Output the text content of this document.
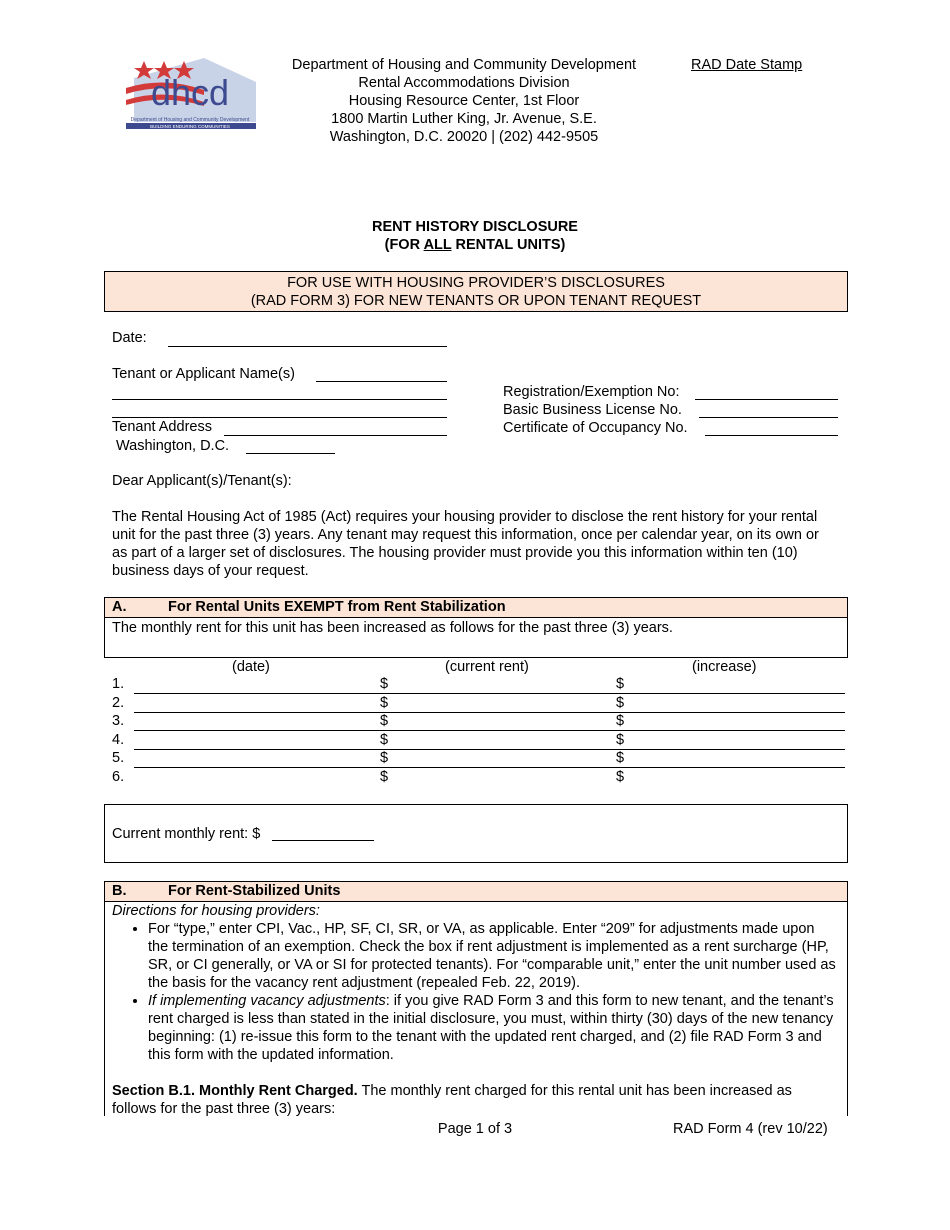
dhcd
Department of Housing and Community Development
BUILDING ENDURING COMMUNITIES
Department of Housing and Community Development
Rental Accommodations Division
Housing Resource Center, 1st Floor
1800 Martin Luther King, Jr. Avenue, S.E.
Washington, D.C. 20020 | (202) 442-9505
RAD Date Stamp
RENT HISTORY DISCLOSURE
(FOR ALL RENTAL UNITS)
FOR USE WITH HOUSING PROVIDER’S DISCLOSURES
(RAD FORM 3) FOR NEW TENANTS OR UPON TENANT REQUEST
Date:
Tenant or Applicant Name(s)
Tenant Address
Washington, D.C.
Registration/Exemption No:
Basic Business License No.
Certificate of Occupancy No.
Dear Applicant(s)/Tenant(s):
The Rental Housing Act of 1985 (Act) requires your housing provider to disclose the rent history for your rental unit for the past three (3) years. Any tenant may request this information, once per calendar year, on its own or as part of a larger set of disclosures. The housing provider must provide you this information within ten (10) business days of your request.
A.	For Rental Units EXEMPT from Rent Stabilization
The monthly rent for this unit has been increased as follows for the past three (3) years.
(date)	(current rent)	(increase)
1.	$	$
2.	$	$
3.	$	$
4.	$	$
5.	$	$
6.	$	$
Current monthly rent: $
B.	For Rent-Stabilized Units
Directions for housing providers:
• For “type,” enter CPI, Vac., HP, SF, CI, SR, or VA, as applicable. Enter “209” for adjustments made upon the termination of an exemption. Check the box if rent adjustment is implemented as a rent surcharge (HP, SR, or CI generally, or VA or SI for protected tenants). For “comparable unit,” enter the unit number used as the basis for the vacancy rent adjustment (repealed Feb. 22, 2019).
• If implementing vacancy adjustments: if you give RAD Form 3 and this form to new tenant, and the tenant’s rent charged is less than stated in the initial disclosure, you must, within thirty (30) days of the new tenancy beginning: (1) re-issue this form to the tenant with the updated rent charged, and (2) file RAD Form 3 and this form with the updated information.
Section B.1. Monthly Rent Charged. The monthly rent charged for this rental unit has been increased as follows for the past three (3) years:
Page 1 of 3	RAD Form 4 (rev 10/22)
